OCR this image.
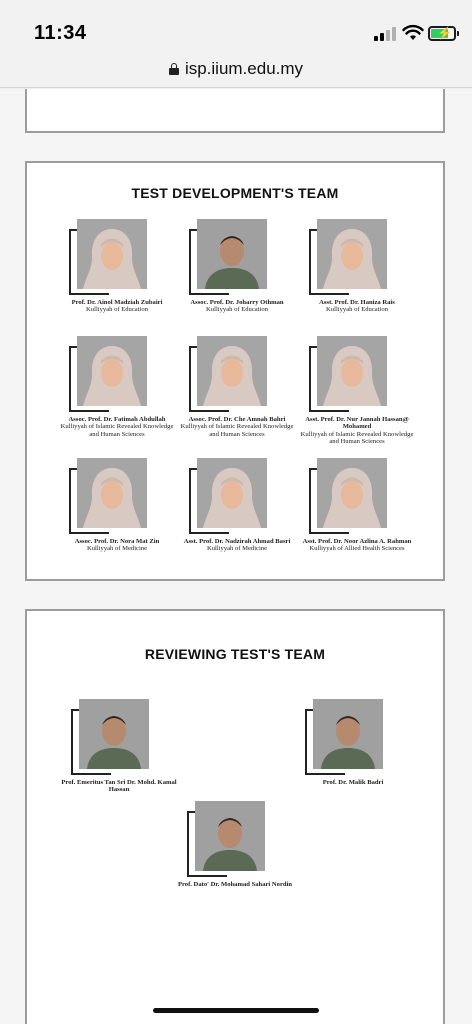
11:34	⚡
isp.iium.edu.my
TEST DEVELOPMENT'S TEAM
Prof. Dr. Ainol Madziah Zubairi
Kulliyyah of Education
Assoc. Prof. Dr. Joharry Othman
Kulliyyah of Education
Asst. Prof. Dr. Haniza Rais
Kulliyyah of Education
Assoc. Prof. Dr. Fatimah Abdullah
Kulliyyah of Islamic Revealed Knowledge and Human Sciences
Assoc. Prof. Dr. Che Amnah Bahri
Kulliyyah of Islamic Revealed Knowledge and Human Sciences
Asst. Prof. Dr. Nur Jannah Hassan@ Mohamed
Kulliyyah of Islamic Revealed Knowledge and Human Sciences
Assoc. Prof. Dr. Nora Mat Zin
Kulliyyah of Medicine
Asst. Prof. Dr. Nadzirah Ahmad Basri
Kulliyyah of Medicine
Asst. Prof. Dr. Noor Azlina A. Rahman
Kulliyyah of Allied Health Sciences
REVIEWING TEST'S TEAM
Prof. Emeritus Tan Sri Dr. Mohd. Kamal Hassan
Prof. Dr. Malik Badri
Prof. Dato' Dr. Mohamad Sahari Nordin
